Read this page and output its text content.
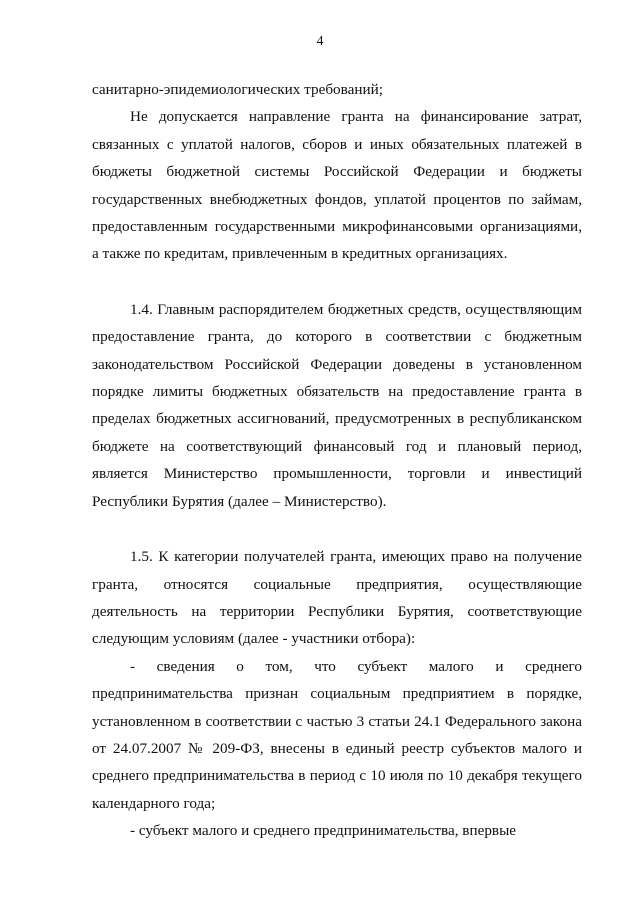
4

санитарно-эпидемиологических требований;

Не допускается направление гранта на финансирование затрат, связанных с уплатой налогов, сборов и иных обязательных платежей в бюджеты бюджетной системы Российской Федерации и бюджеты государственных внебюджетных фондов, уплатой процентов по займам, предоставленным государственными микрофинансовыми организациями, а также по кредитам, привлеченным в кредитных организациях.

1.4. Главным распорядителем бюджетных средств, осуществляющим предоставление гранта, до которого в соответствии с бюджетным законодательством Российской Федерации доведены в установленном порядке лимиты бюджетных обязательств на предоставление гранта в пределах бюджетных ассигнований, предусмотренных в республиканском бюджете на соответствующий финансовый год и плановый период, является Министерство промышленности, торговли и инвестиций Республики Бурятия (далее – Министерство).

1.5. К категории получателей гранта, имеющих право на получение гранта, относятся социальные предприятия, осуществляющие деятельность на территории Республики Бурятия, соответствующие следующим условиям (далее - участники отбора):

- сведения о том, что субъект малого и среднего предпринимательства признан социальным предприятием в порядке, установленном в соответствии с частью 3 статьи 24.1 Федерального закона от 24.07.2007 № 209-ФЗ, внесены в единый реестр субъектов малого и среднего предпринимательства в период с 10 июля по 10 декабря текущего календарного года;

- субъект малого и среднего предпринимательства, впервые
